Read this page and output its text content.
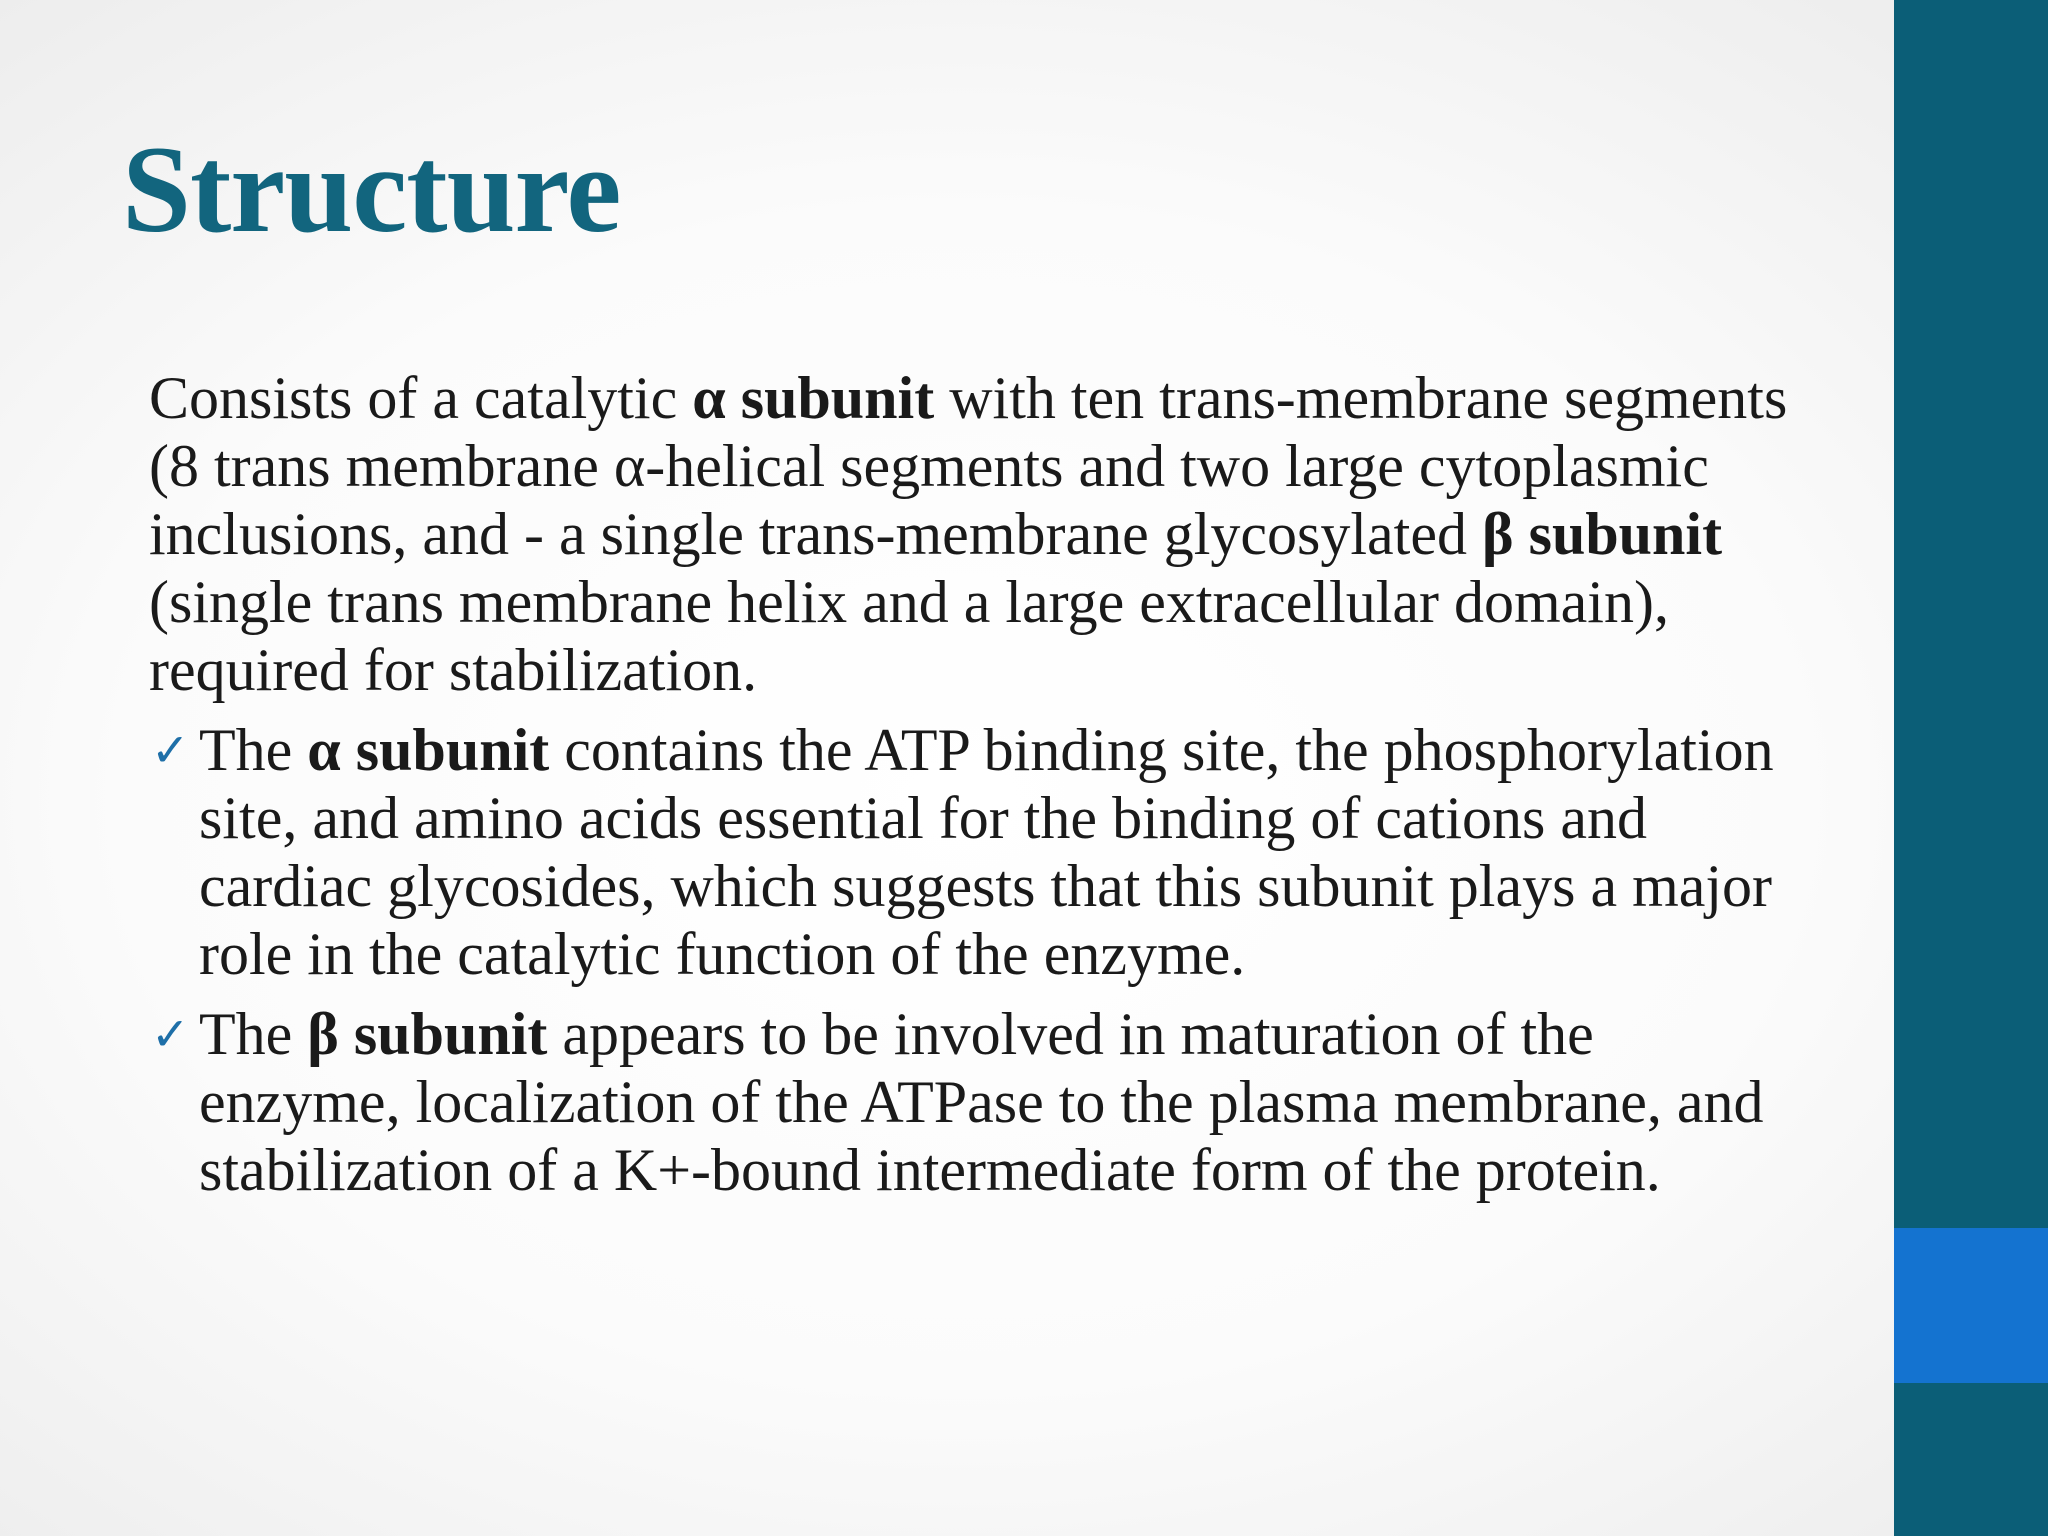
Structure

Consists of a catalytic α subunit with ten trans-membrane segments (8 trans membrane α-helical segments and two large cytoplasmic inclusions, and - a single trans-membrane glycosylated β subunit (single trans membrane helix and a large extracellular domain), required for stabilization.

✓ The α subunit contains the ATP binding site, the phosphorylation site, and amino acids essential for the binding of cations and cardiac glycosides, which suggests that this subunit plays a major role in the catalytic function of the enzyme.
✓ The β subunit appears to be involved in maturation of the enzyme, localization of the ATPase to the plasma membrane, and stabilization of a K+-bound intermediate form of the protein.
